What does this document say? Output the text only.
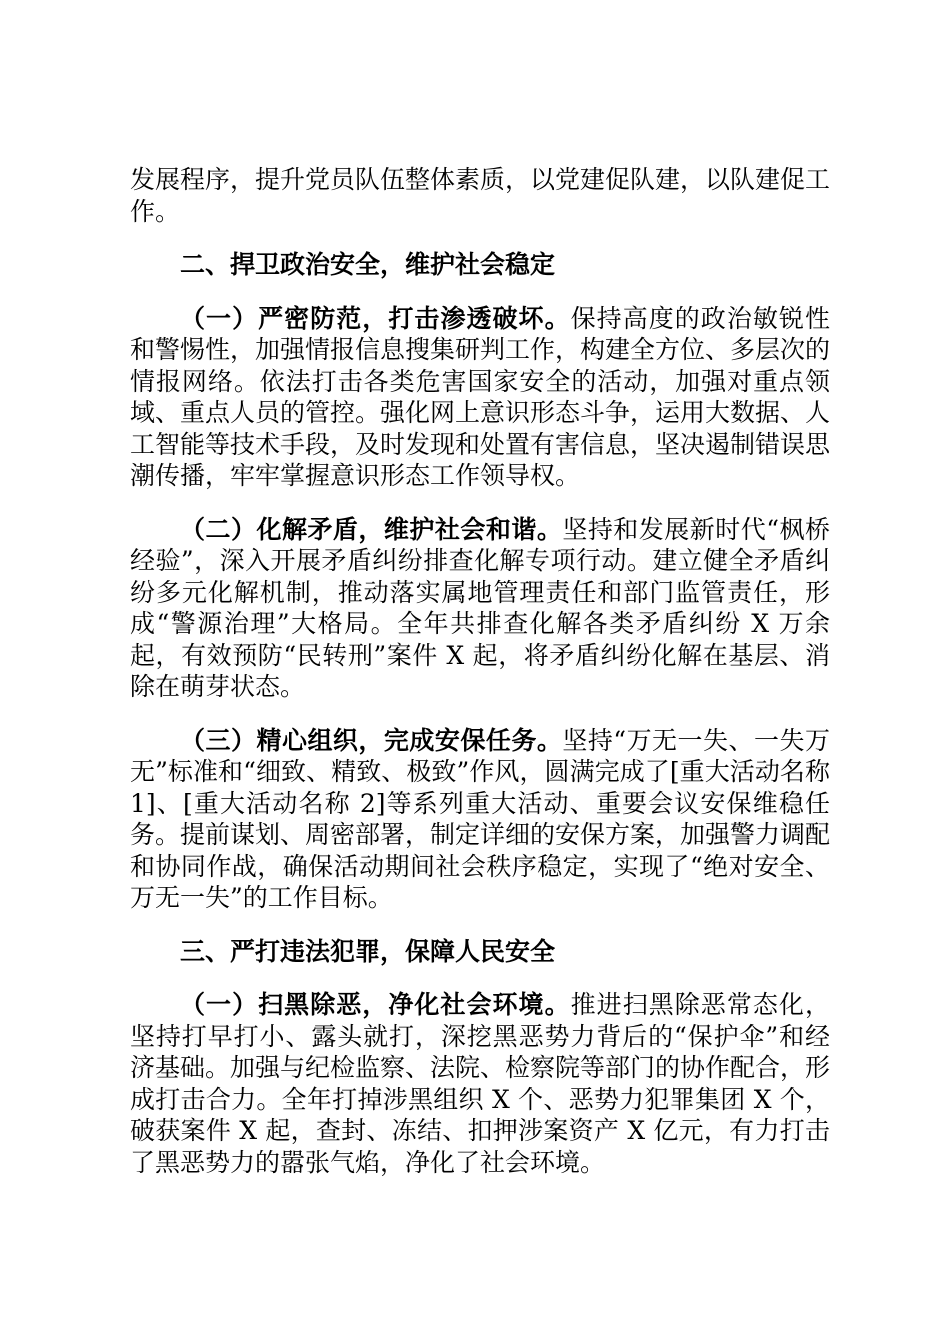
发展程序，提升党员队伍整体素质，以党建促队建，以队建促工作。

二、捍卫政治安全，维护社会稳定

（一）严密防范，打击渗透破坏。保持高度的政治敏锐性和警惕性，加强情报信息搜集研判工作，构建全方位、多层次的情报网络。依法打击各类危害国家安全的活动，加强对重点领域、重点人员的管控。强化网上意识形态斗争，运用大数据、人工智能等技术手段，及时发现和处置有害信息，坚决遏制错误思潮传播，牢牢掌握意识形态工作领导权。

（二）化解矛盾，维护社会和谐。坚持和发展新时代“枫桥经验”，深入开展矛盾纠纷排查化解专项行动。建立健全矛盾纠纷多元化解机制，推动落实属地管理责任和部门监管责任，形成“警源治理”大格局。全年共排查化解各类矛盾纠纷 X 万余起，有效预防“民转刑”案件 X 起，将矛盾纠纷化解在基层、消除在萌芽状态。

（三）精心组织，完成安保任务。坚持“万无一失、一失万无”标准和“细致、精致、极致”作风，圆满完成了[重大活动名称 1]、[重大活动名称 2]等系列重大活动、重要会议安保维稳任务。提前谋划、周密部署，制定详细的安保方案，加强警力调配和协同作战，确保活动期间社会秩序稳定，实现了“绝对安全、万无一失”的工作目标。

三、严打违法犯罪，保障人民安全

（一）扫黑除恶，净化社会环境。推进扫黑除恶常态化，坚持打早打小、露头就打，深挖黑恶势力背后的“保护伞”和经济基础。加强与纪检监察、法院、检察院等部门的协作配合，形成打击合力。全年打掉涉黑组织 X 个、恶势力犯罪集团 X 个，破获案件 X 起，查封、冻结、扣押涉案资产 X 亿元，有力打击了黑恶势力的嚣张气焰，净化了社会环境。
